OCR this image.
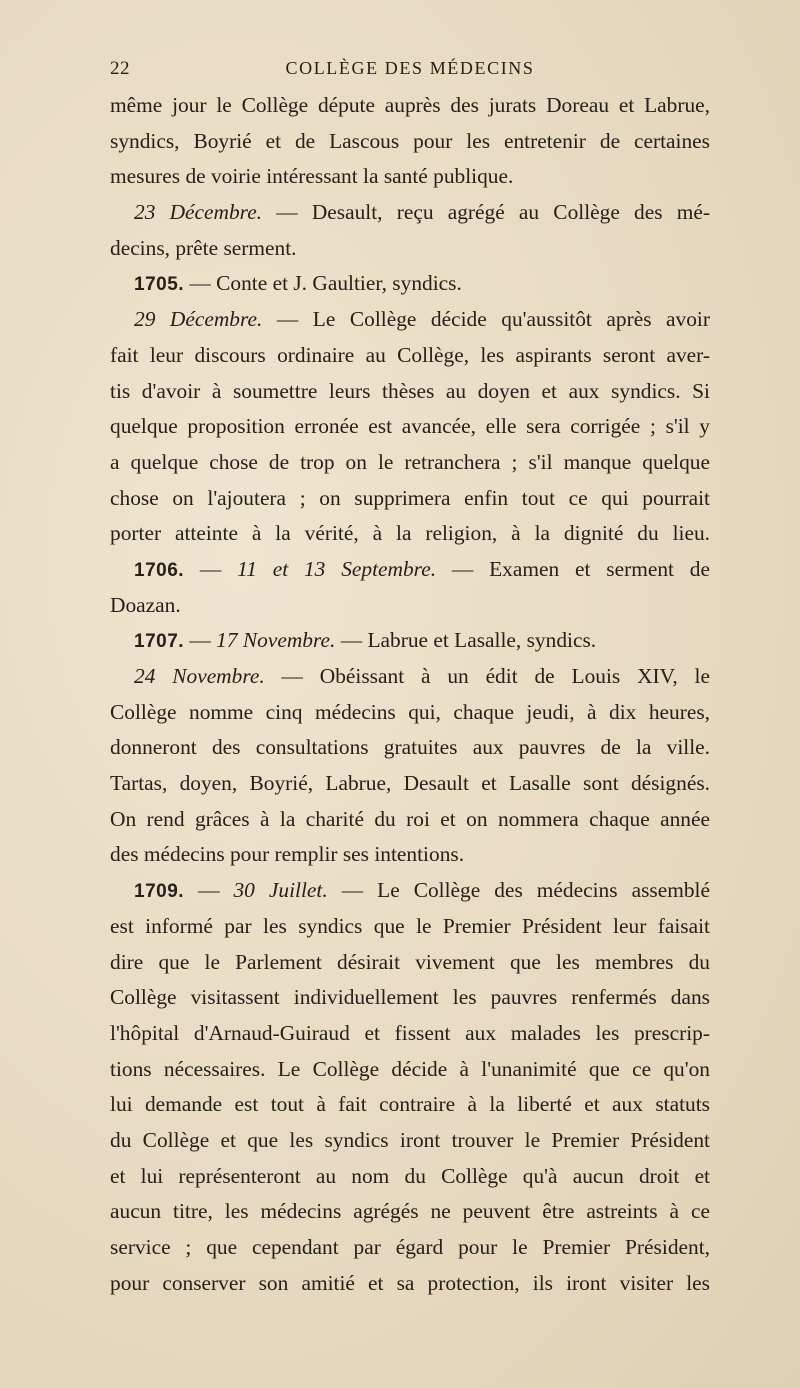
22	COLLÈGE DES MÉDECINS
même jour le Collège députe auprès des jurats Doreau et Labrue,
syndics, Boyrié et de Lascous pour les entretenir de certaines
mesures de voirie intéressant la santé publique.
23 Décembre. — Desault, reçu agrégé au Collège des mé-
decins, prête serment.
1705. — Conte et J. Gaultier, syndics.
29 Décembre. — Le Collège décide qu'aussitôt après avoir
fait leur discours ordinaire au Collège, les aspirants seront aver-
tis d'avoir à soumettre leurs thèses au doyen et aux syndics. Si
quelque proposition erronée est avancée, elle sera corrigée ; s'il y
a quelque chose de trop on le retranchera ; s'il manque quelque
chose on l'ajoutera ; on supprimera enfin tout ce qui pourrait
porter atteinte à la vérité, à la religion, à la dignité du lieu.
1706. — 11 et 13 Septembre. — Examen et serment de
Doazan.
1707. — 17 Novembre. — Labrue et Lasalle, syndics.
24 Novembre. — Obéissant à un édit de Louis XIV, le
Collège nomme cinq médecins qui, chaque jeudi, à dix heures,
donneront des consultations gratuites aux pauvres de la ville.
Tartas, doyen, Boyrié, Labrue, Desault et Lasalle sont désignés.
On rend grâces à la charité du roi et on nommera chaque année
des médecins pour remplir ses intentions.
1709. — 30 Juillet. — Le Collège des médecins assemblé
est informé par les syndics que le Premier Président leur faisait
dire que le Parlement désirait vivement que les membres du
Collège visitassent individuellement les pauvres renfermés dans
l'hôpital d'Arnaud-Guiraud et fissent aux malades les prescrip-
tions nécessaires. Le Collège décide à l'unanimité que ce qu'on
lui demande est tout à fait contraire à la liberté et aux statuts
du Collège et que les syndics iront trouver le Premier Président
et lui représenteront au nom du Collège qu'à aucun droit et
aucun titre, les médecins agrégés ne peuvent être astreints à ce
service ; que cependant par égard pour le Premier Président,
pour conserver son amitié et sa protection, ils iront visiter les
